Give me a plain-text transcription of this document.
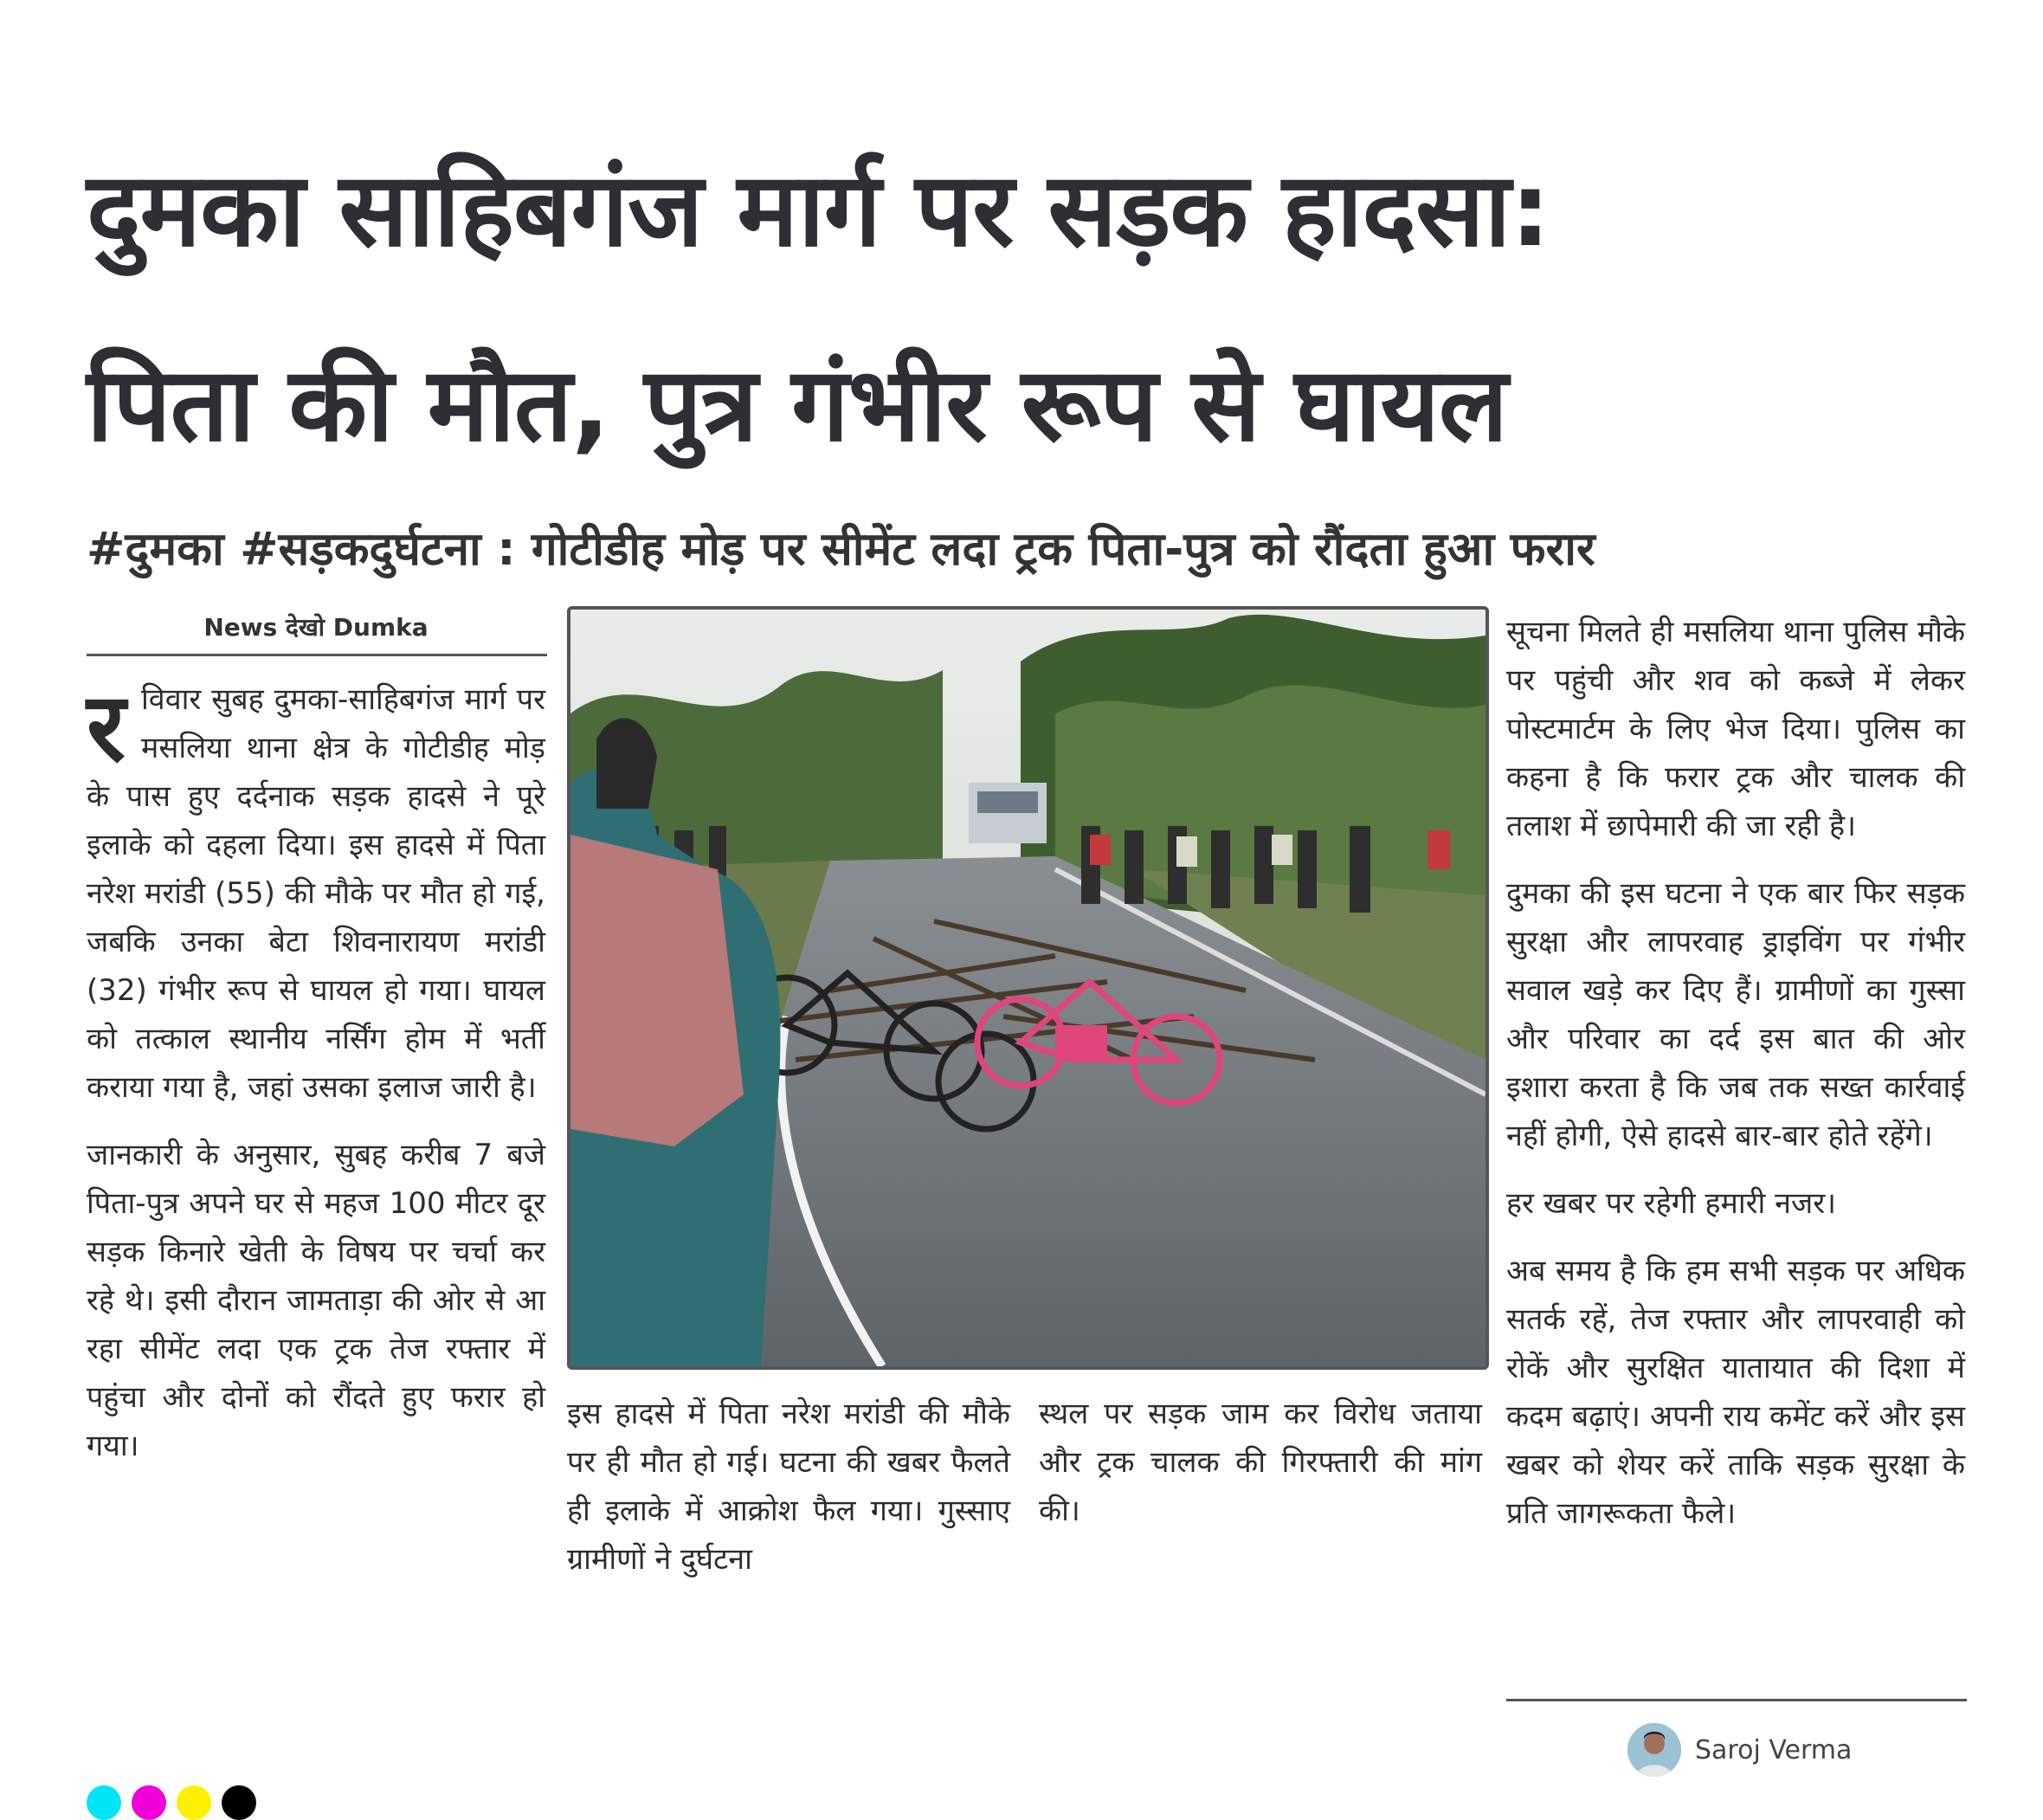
दुमका साहिबगंज मार्ग पर सड़क हादसा:
पिता की मौत, पुत्र गंभीर रूप से घायल
#दुमका #सड़कदुर्घटना : गोटीडीह मोड़ पर सीमेंट लदा ट्रक पिता-पुत्र को रौंदता हुआ फरार
News देखो Dumka

रविवार सुबह दुमका-साहिबगंज मार्ग पर मसलिया थाना क्षेत्र के गोटीडीह मोड़ के पास हुए दर्दनाक सड़क हादसे ने पूरे इलाके को दहला दिया। इस हादसे में पिता नरेश मरांडी (55) की मौके पर मौत हो गई, जबकि उनका बेटा शिवनारायण मरांडी (32) गंभीर रूप से घायल हो गया। घायल को तत्काल स्थानीय नर्सिंग होम में भर्ती कराया गया है, जहां उसका इलाज जारी है।

जानकारी के अनुसार, सुबह करीब 7 बजे पिता-पुत्र अपने घर से महज 100 मीटर दूर सड़क किनारे खेती के विषय पर चर्चा कर रहे थे। इसी दौरान जामताड़ा की ओर से आ रहा सीमेंट लदा एक ट्रक तेज रफ्तार में पहुंचा और दोनों को रौंदते हुए फरार हो गया।

इस हादसे में पिता नरेश मरांडी की मौके पर ही मौत हो गई। घटना की खबर फैलते ही इलाके में आक्रोश फैल गया। गुस्साए ग्रामीणों ने दुर्घटना

स्थल पर सड़क जाम कर विरोध जताया और ट्रक चालक की गिरफ्तारी की मांग की।

सूचना मिलते ही मसलिया थाना पुलिस मौके पर पहुंची और शव को कब्जे में लेकर पोस्टमार्टम के लिए भेज दिया। पुलिस का कहना है कि फरार ट्रक और चालक की तलाश में छापेमारी की जा रही है।

दुमका की इस घटना ने एक बार फिर सड़क सुरक्षा और लापरवाह ड्राइविंग पर गंभीर सवाल खड़े कर दिए हैं। ग्रामीणों का गुस्सा और परिवार का दर्द इस बात की ओर इशारा करता है कि जब तक सख्त कार्रवाई नहीं होगी, ऐसे हादसे बार-बार होते रहेंगे।

हर खबर पर रहेगी हमारी नजर।

अब समय है कि हम सभी सड़क पर अधिक सतर्क रहें, तेज रफ्तार और लापरवाही को रोकें और सुरक्षित यातायात की दिशा में कदम बढ़ाएं। अपनी राय कमेंट करें और इस खबर को शेयर करें ताकि सड़क सुरक्षा के प्रति जागरूकता फैले।

Saroj Verma
